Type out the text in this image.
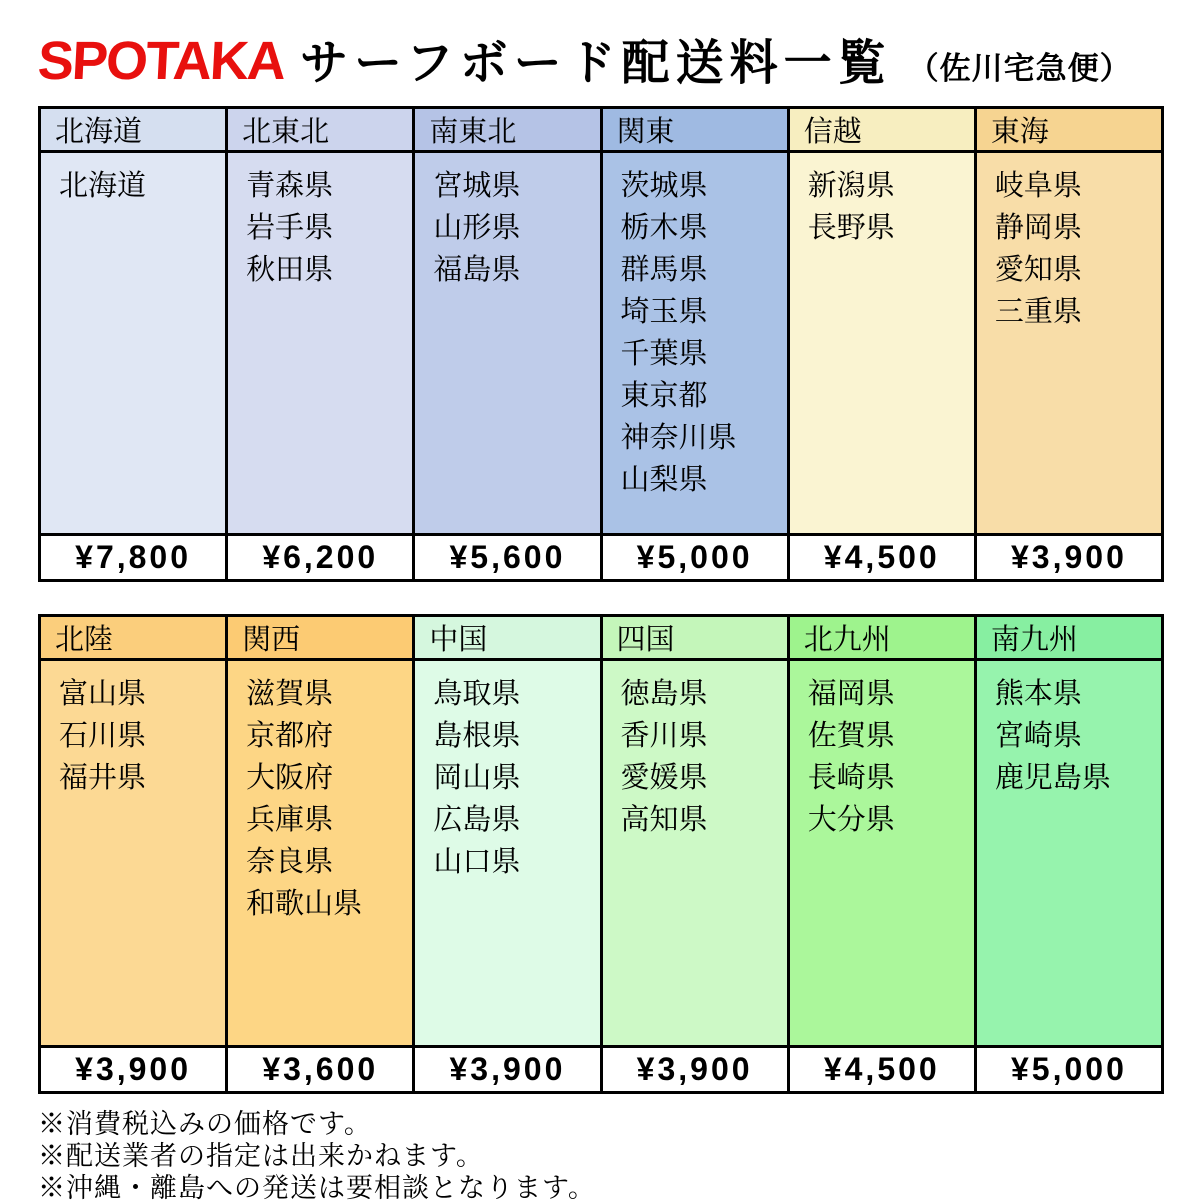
SPOTAKA サーフボード配送料一覧 （佐川宅急便）
北海道
北海道
¥7,800
北東北
青森県
岩手県
秋田県
¥6,200
南東北
宮城県
山形県
福島県
¥5,600
関東
茨城県
栃木県
群馬県
埼玉県
千葉県
東京都
神奈川県
山梨県
¥5,000
信越
新潟県
長野県
¥4,500
東海
岐阜県
静岡県
愛知県
三重県
¥3,900
北陸
富山県
石川県
福井県
¥3,900
関西
滋賀県
京都府
大阪府
兵庫県
奈良県
和歌山県
¥3,600
中国
鳥取県
島根県
岡山県
広島県
山口県
¥3,900
四国
徳島県
香川県
愛媛県
高知県
¥3,900
北九州
福岡県
佐賀県
長崎県
大分県
¥4,500
南九州
熊本県
宮崎県
鹿児島県
¥5,000
※消費税込みの価格です。
※配送業者の指定は出来かねます。
※沖縄・離島への発送は要相談となります。
